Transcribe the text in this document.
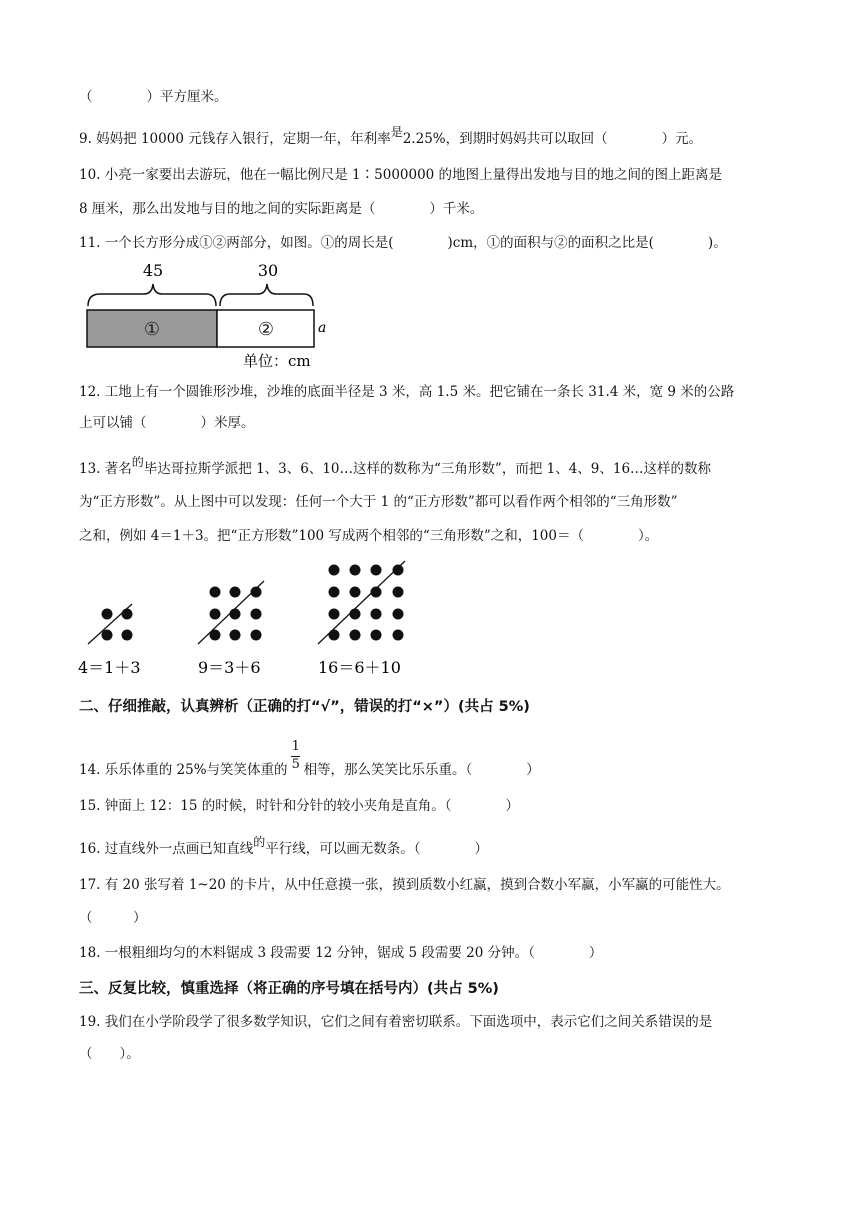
（　　　　）平方厘米。
9. 妈妈把 10000 元钱存入银行，定期一年，年利率是2.25%，到期时妈妈共可以取回（　　　　）元。
10. 小亮一家要出去游玩，他在一幅比例尺是 1∶5000000 的地图上量得出发地与目的地之间的图上距离是
8 厘米，那么出发地与目的地之间的实际距离是（　　　　）千米。
11. 一个长方形分成①②两部分，如图。①的周长是(　　　　)cm，①的面积与②的面积之比是(　　　　)。
45	30
①	②	a
单位：cm
12. 工地上有一个圆锥形沙堆，沙堆的底面半径是 3 米，高 1.5 米。把它铺在一条长 31.4 米，宽 9 米的公路
上可以铺（　　　　）米厚。
13. 著名的毕达哥拉斯学派把 1、3、6、10…这样的数称为“三角形数”，而把 1、4、9、16…这样的数称
为“正方形数”。从上图中可以发现：任何一个大于 1 的“正方形数”都可以看作两个相邻的“三角形数”
之和，例如 4＝1＋3。把“正方形数”100 写成两个相邻的“三角形数”之和，100＝（　　　　）。
4＝1＋3	9＝3＋6	16＝6＋10
二、仔细推敲，认真辨析（正确的打“√”，错误的打“×”）(共占 5%)
14. 乐乐体重的 25%与笑笑体重的 $\frac{1}{5}$ 相等，那么笑笑比乐乐重。（　　　　）
15. 钟面上 12：15 的时候，时针和分针的较小夹角是直角。（　　　　）
16. 过直线外一点画已知直线的平行线，可以画无数条。（　　　　）
17. 有 20 张写着 1~20 的卡片，从中任意摸一张，摸到质数小红赢，摸到合数小军赢，小军赢的可能性大。
（　　　）
18. 一根粗细均匀的木料锯成 3 段需要 12 分钟，锯成 5 段需要 20 分钟。（　　　　）
三、反复比较，慎重选择（将正确的序号填在括号内）(共占 5%)
19. 我们在小学阶段学了很多数学知识，它们之间有着密切联系。下面选项中，表示它们之间关系错误的是
（　　）。
